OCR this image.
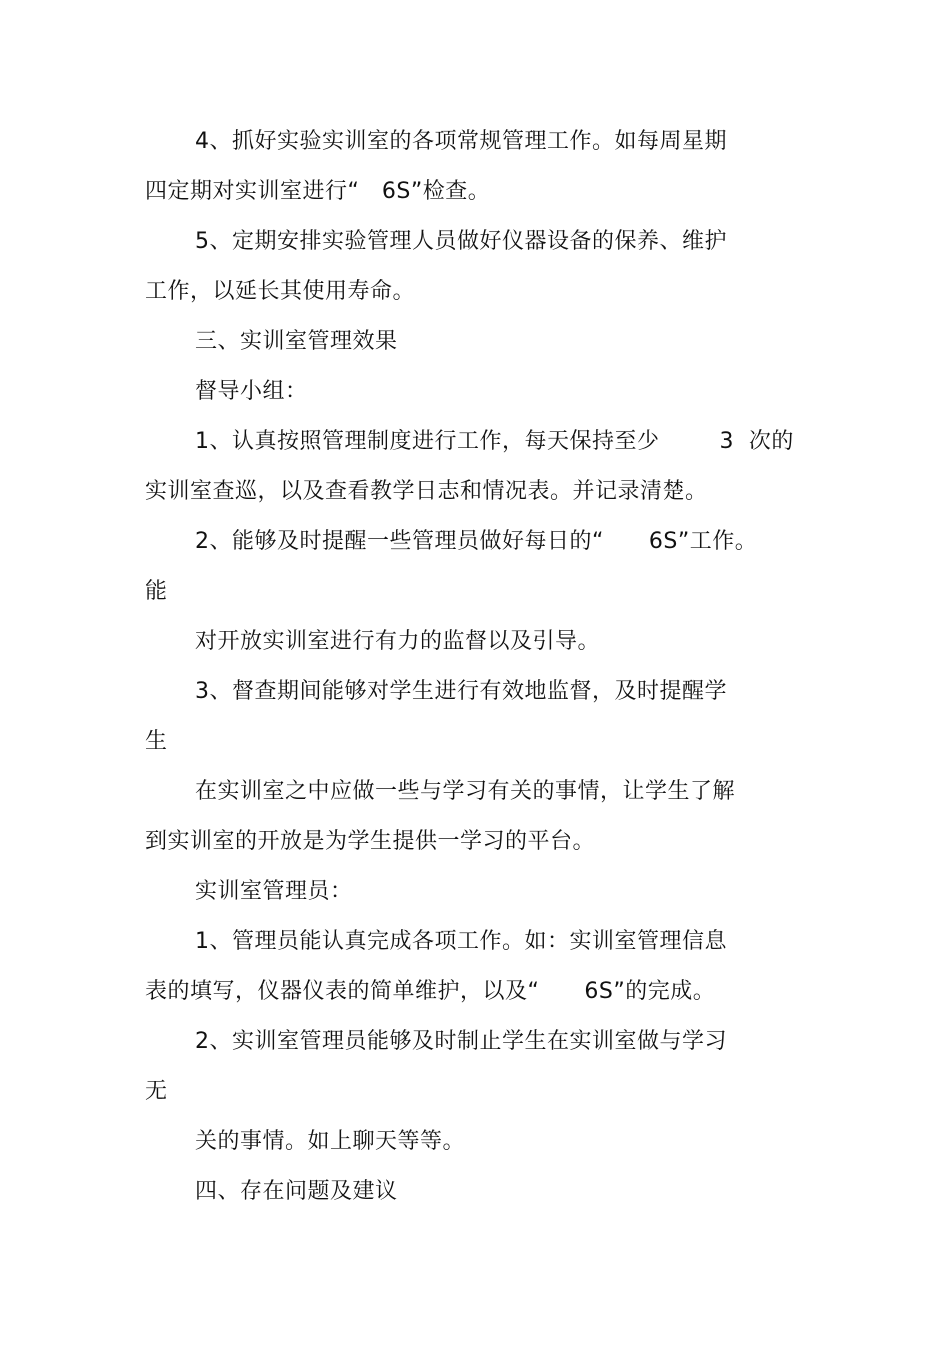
4、抓好实验实训室的各项常规管理工作。如每周星期
四定期对实训室进行“   6S”检查。
5、定期安排实验管理人员做好仪器设备的保养、维护
工作，以延长其使用寿命。
三、实训室管理效果
督导小组：
1、认真按照管理制度进行工作，每天保持至少        3  次的
实训室查巡，以及查看教学日志和情况表。并记录清楚。
2、能够及时提醒一些管理员做好每日的“      6S”工作。
能
对开放实训室进行有力的监督以及引导。
3、督查期间能够对学生进行有效地监督，及时提醒学
生
在实训室之中应做一些与学习有关的事情，让学生了解
到实训室的开放是为学生提供一学习的平台。
实训室管理员：
1、管理员能认真完成各项工作。如：实训室管理信息
表的填写，仪器仪表的简单维护，以及“      6S”的完成。
2、实训室管理员能够及时制止学生在实训室做与学习
无
关的事情。如上聊天等等。
四、存在问题及建议
